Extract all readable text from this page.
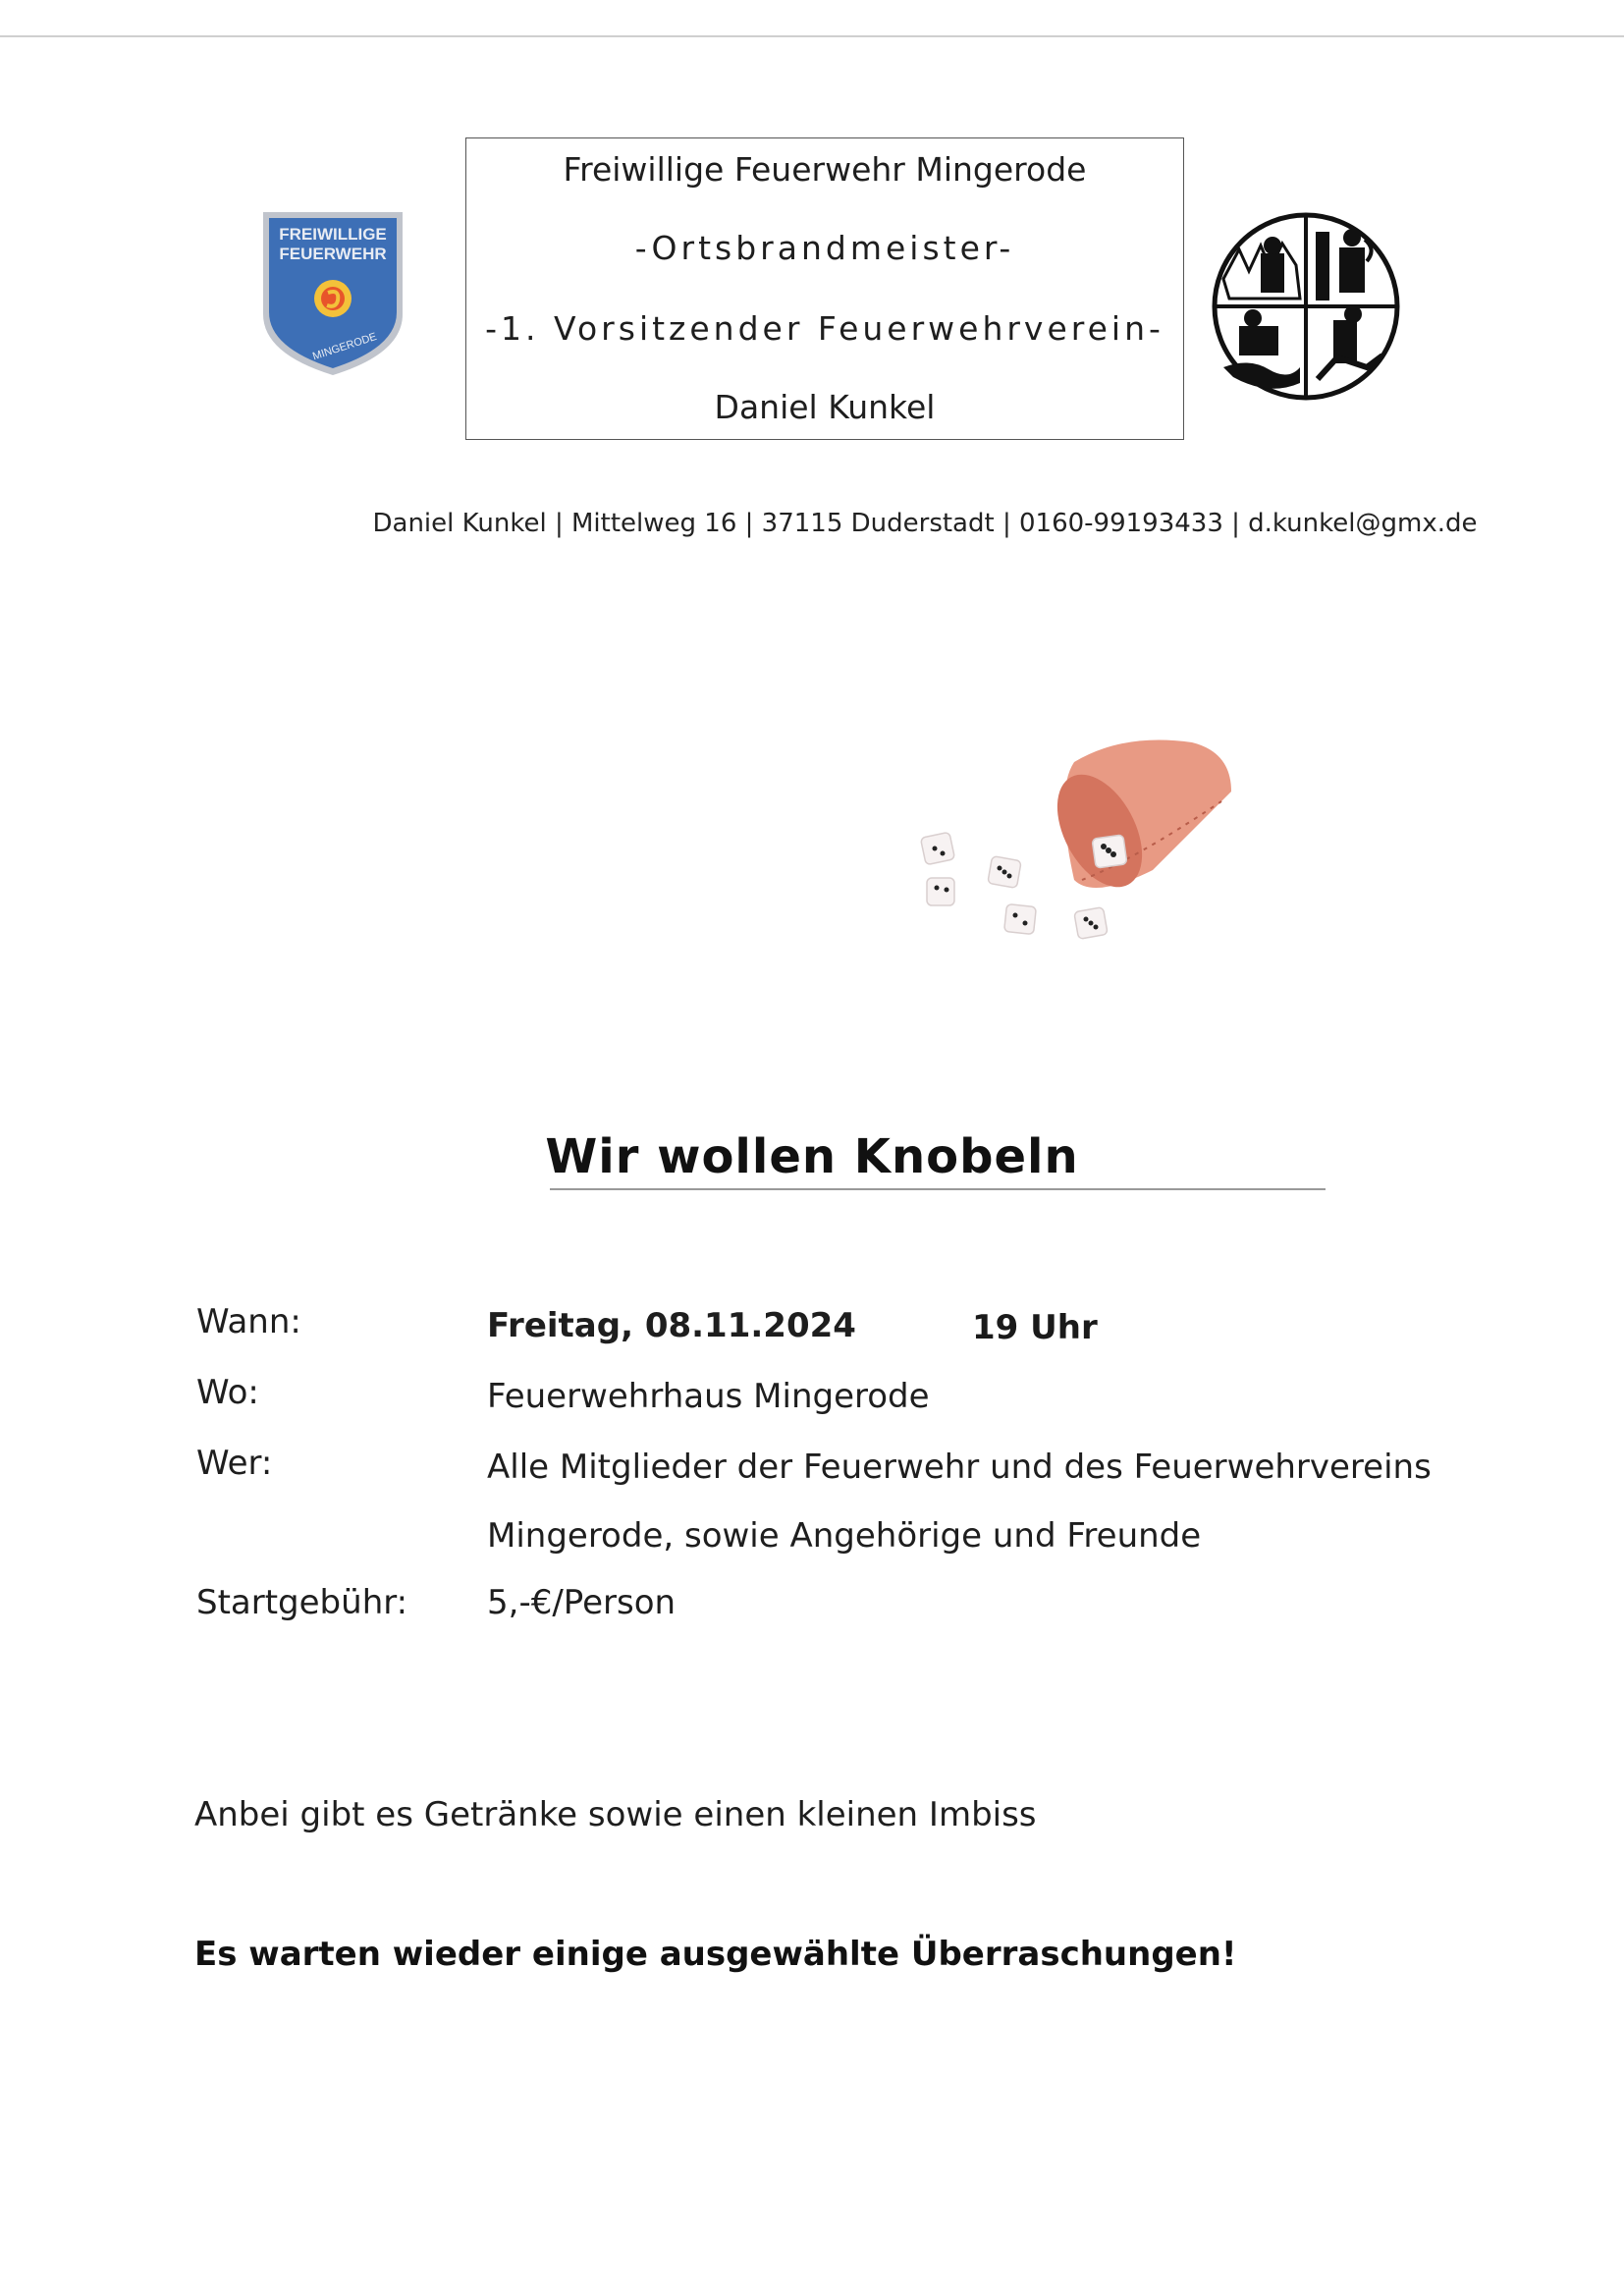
FREIWILLIGE
FEUERWEHR
MINGERODE
Freiwillige Feuerwehr Mingerode
-Ortsbrandmeister-
-1. Vorsitzender Feuerwehrverein-
Daniel Kunkel
Daniel Kunkel | Mittelweg 16 | 37115 Duderstadt | 0160-99193433 | d.kunkel@gmx.de
Wir wollen Knobeln
Wann:	Freitag, 08.11.2024	19 Uhr
Wo:	Feuerwehrhaus Mingerode
Wer:	Alle Mitglieder der Feuerwehr und des Feuerwehrvereins
Mingerode, sowie Angehörige und Freunde
Startgebühr: 5,-€/Person
Anbei gibt es Getränke sowie einen kleinen Imbiss
Es warten wieder einige ausgewählte Überraschungen!
